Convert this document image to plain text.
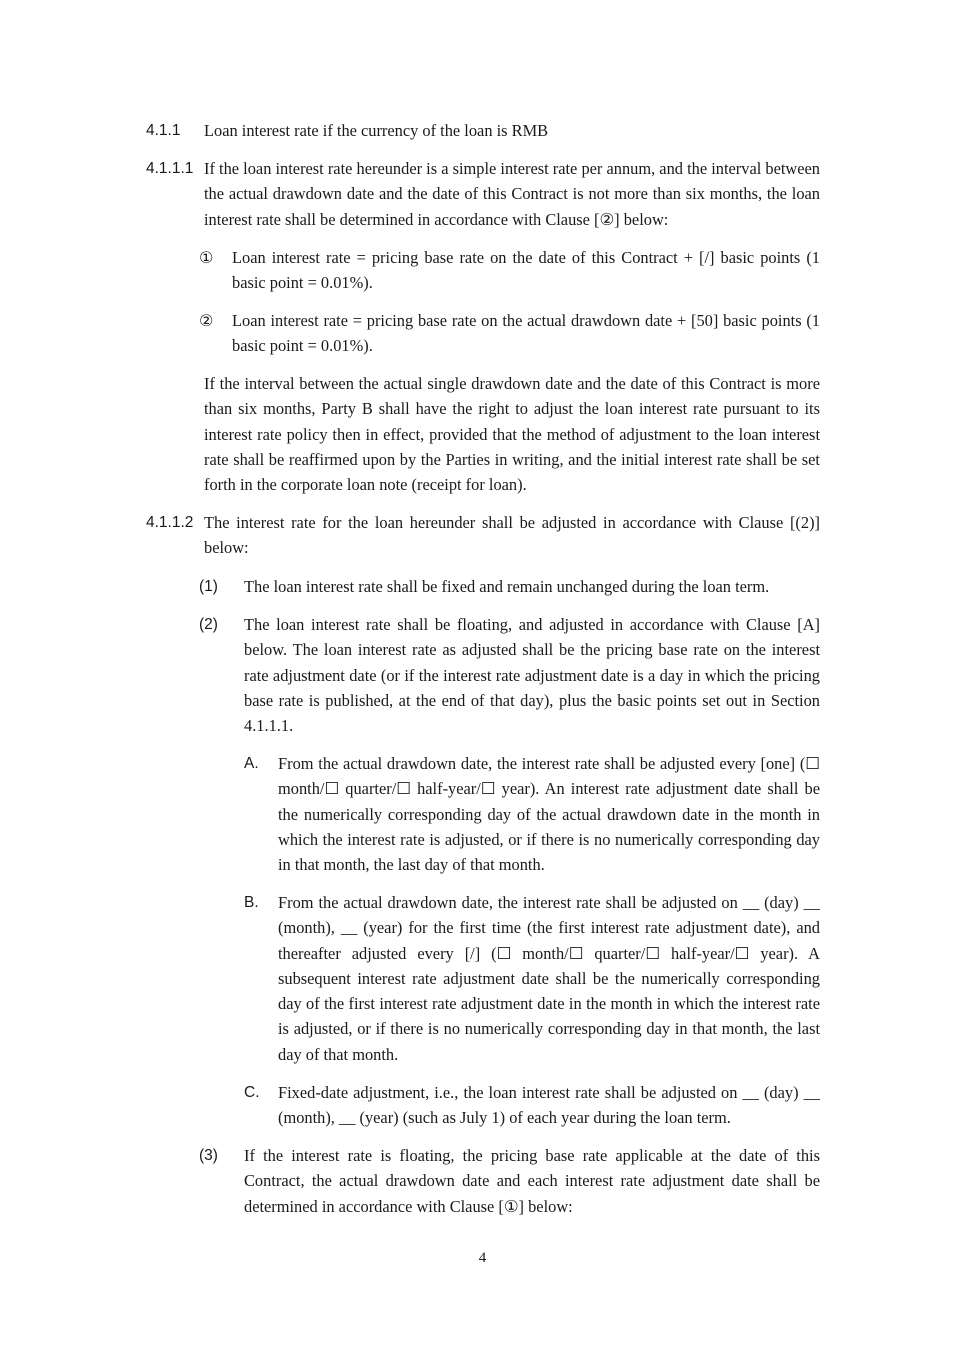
4.1.1 Loan interest rate if the currency of the loan is RMB
4.1.1.1 If the loan interest rate hereunder is a simple interest rate per annum, and the interval between the actual drawdown date and the date of this Contract is not more than six months, the loan interest rate shall be determined in accordance with Clause [②] below:
① Loan interest rate = pricing base rate on the date of this Contract + [/] basic points (1 basic point = 0.01%).
② Loan interest rate = pricing base rate on the actual drawdown date + [50] basic points (1 basic point = 0.01%).
If the interval between the actual single drawdown date and the date of this Contract is more than six months, Party B shall have the right to adjust the loan interest rate pursuant to its interest rate policy then in effect, provided that the method of adjustment to the loan interest rate shall be reaffirmed upon by the Parties in writing, and the initial interest rate shall be set forth in the corporate loan note (receipt for loan).
4.1.1.2 The interest rate for the loan hereunder shall be adjusted in accordance with Clause [(2)] below:
(1) The loan interest rate shall be fixed and remain unchanged during the loan term.
(2) The loan interest rate shall be floating, and adjusted in accordance with Clause [A] below. The loan interest rate as adjusted shall be the pricing base rate on the interest rate adjustment date (or if the interest rate adjustment date is a day in which the pricing base rate is published, at the end of that day), plus the basic points set out in Section 4.1.1.1.
A. From the actual drawdown date, the interest rate shall be adjusted every [one] (☐ month/☐ quarter/☐ half-year/☐ year). An interest rate adjustment date shall be the numerically corresponding day of the actual drawdown date in the month in which the interest rate is adjusted, or if there is no numerically corresponding day in that month, the last day of that month.
B. From the actual drawdown date, the interest rate shall be adjusted on __ (day) __ (month), __ (year) for the first time (the first interest rate adjustment date), and thereafter adjusted every [/] (☐ month/☐ quarter/☐ half-year/☐ year). A subsequent interest rate adjustment date shall be the numerically corresponding day of the first interest rate adjustment date in the month in which the interest rate is adjusted, or if there is no numerically corresponding day in that month, the last day of that month.
C. Fixed-date adjustment, i.e., the loan interest rate shall be adjusted on __ (day) __ (month), __ (year) (such as July 1) of each year during the loan term.
(3) If the interest rate is floating, the pricing base rate applicable at the date of this Contract, the actual drawdown date and each interest rate adjustment date shall be determined in accordance with Clause [①] below:
4
